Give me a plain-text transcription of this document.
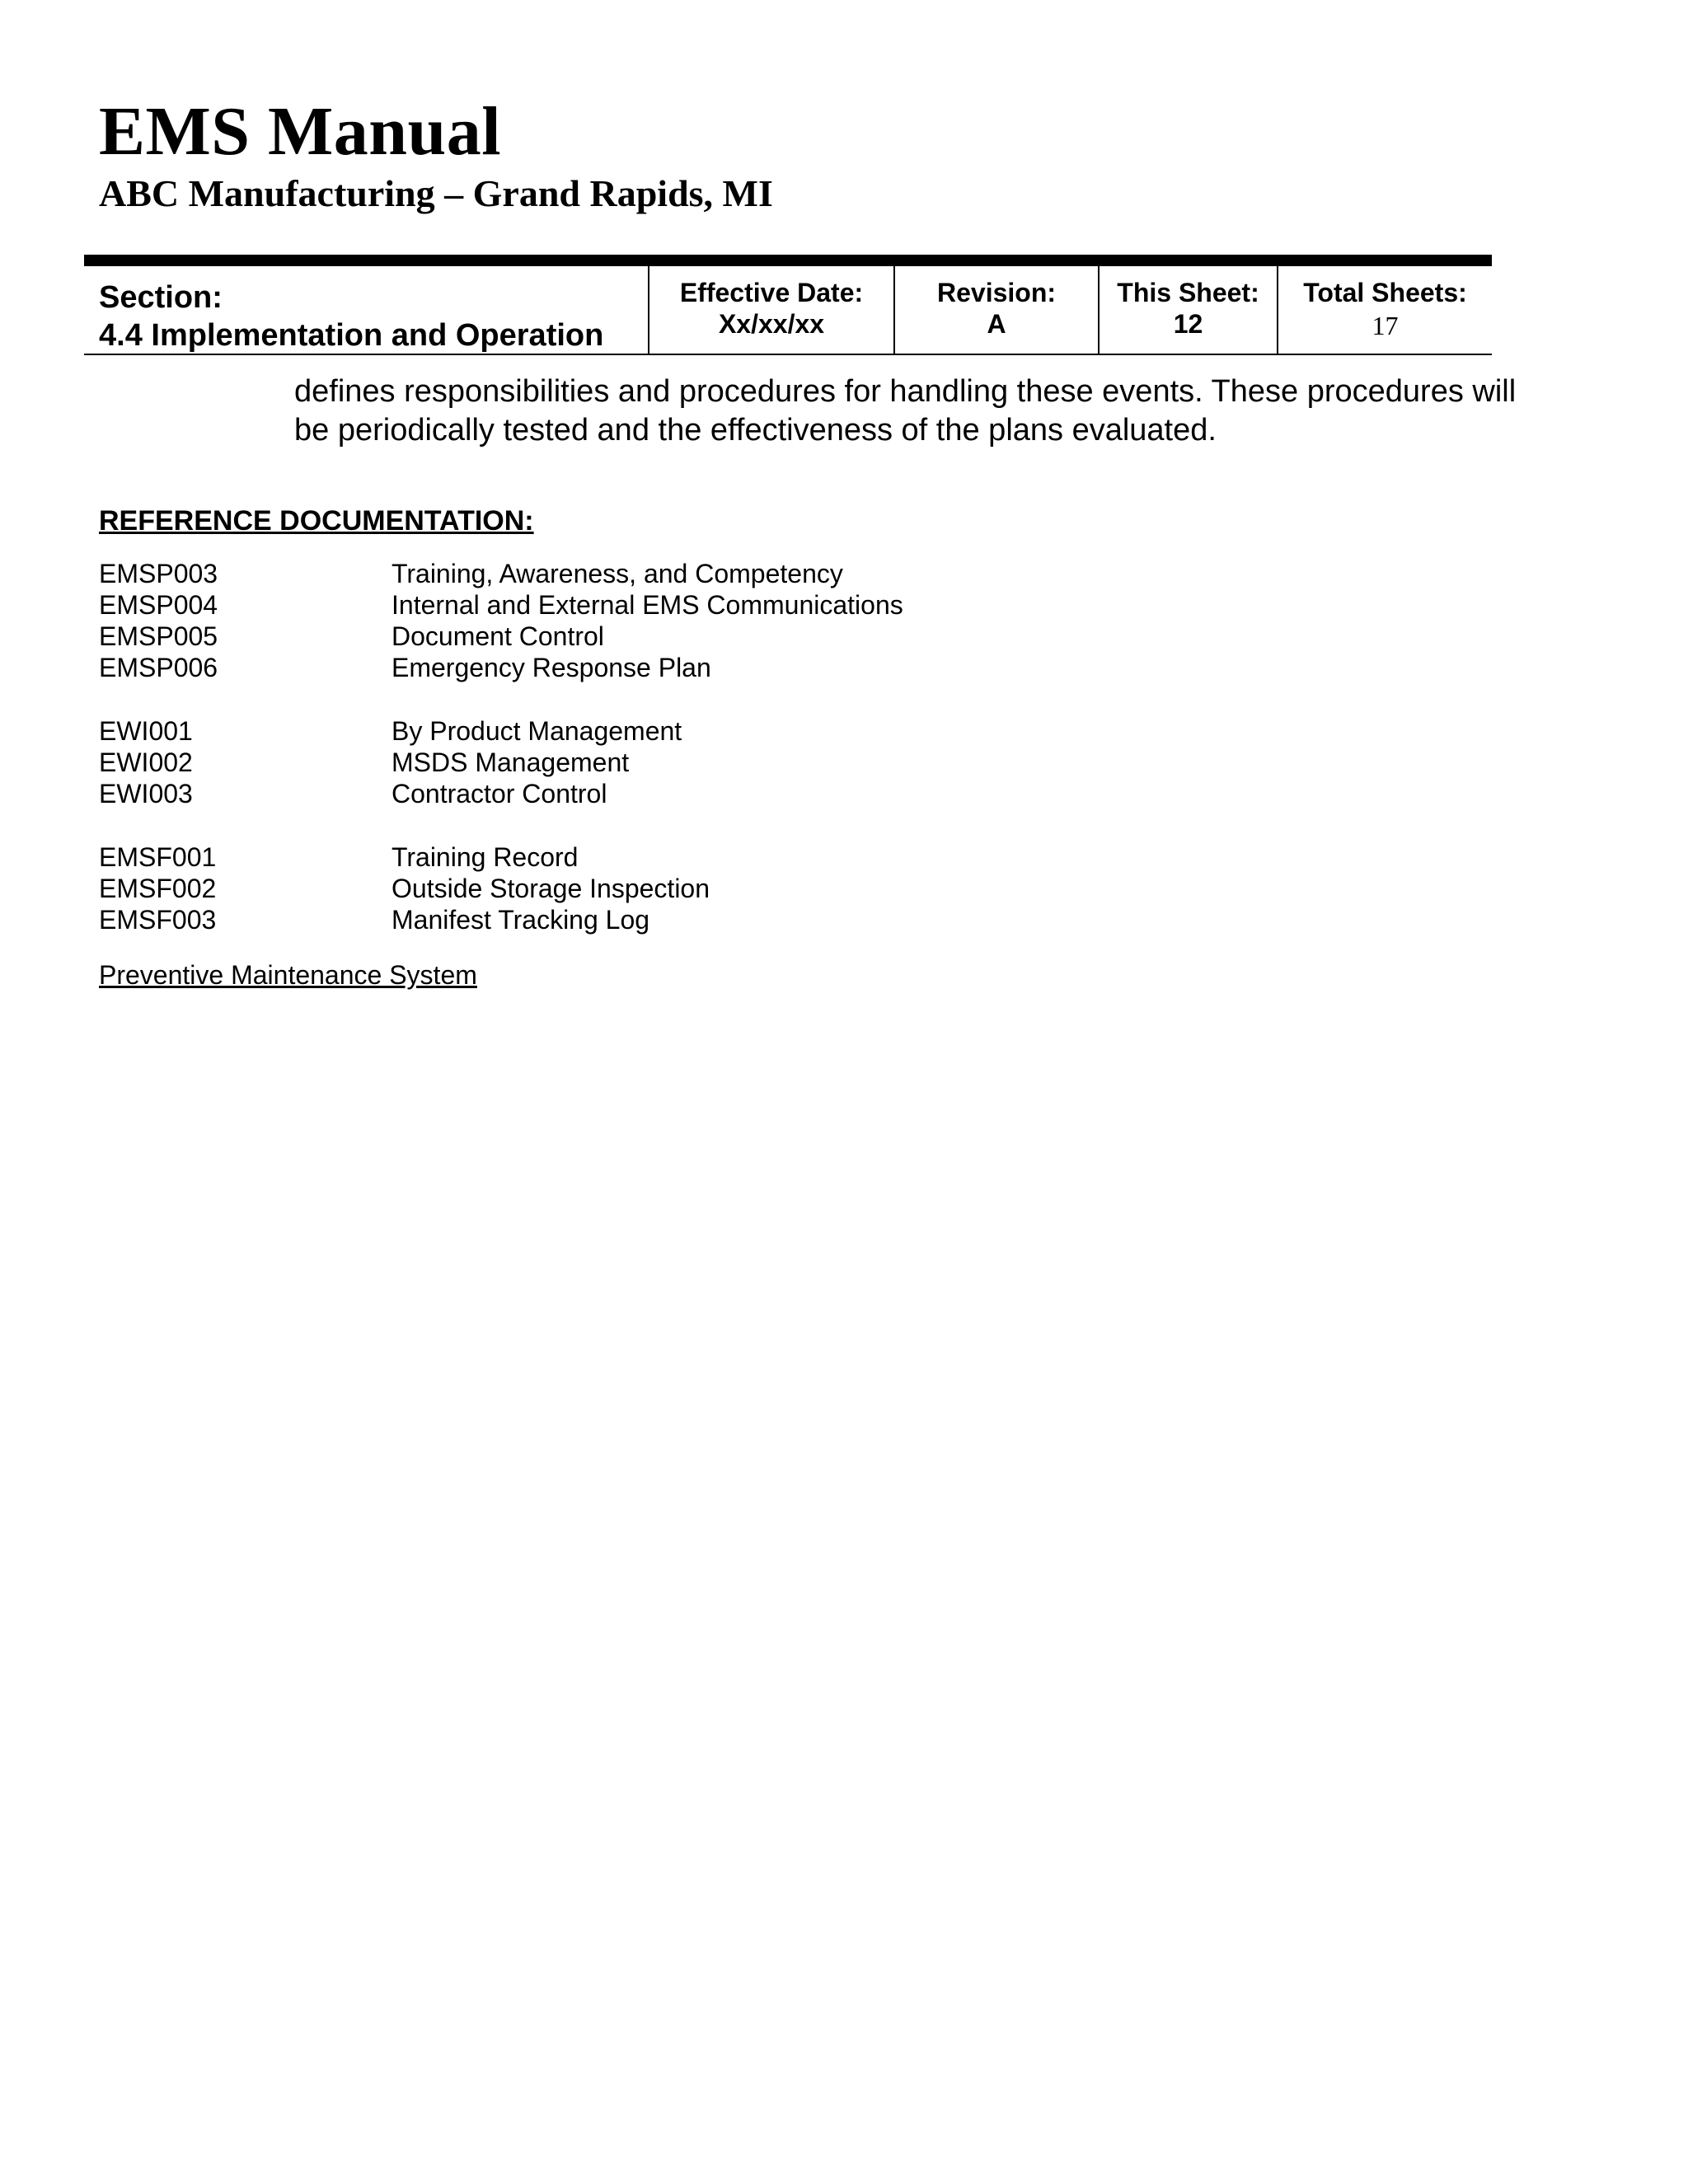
EMS Manual
ABC Manufacturing – Grand Rapids, MI
Section:
4.4 Implementation and Operation
Effective Date:
Xx/xx/xx
Revision:
A
This Sheet:
12
Total Sheets:
17

defines responsibilities and procedures for handling these events. These procedures will be periodically tested and the effectiveness of the plans evaluated.

REFERENCE DOCUMENTATION:
EMSP003	Training, Awareness, and Competency
EMSP004	Internal and External EMS Communications
EMSP005	Document Control
EMSP006	Emergency Response Plan
EWI001	By Product Management
EWI002	MSDS Management
EWI003	Contractor Control
EMSF001	Training Record
EMSF002	Outside Storage Inspection
EMSF003	Manifest Tracking Log
Preventive Maintenance System
